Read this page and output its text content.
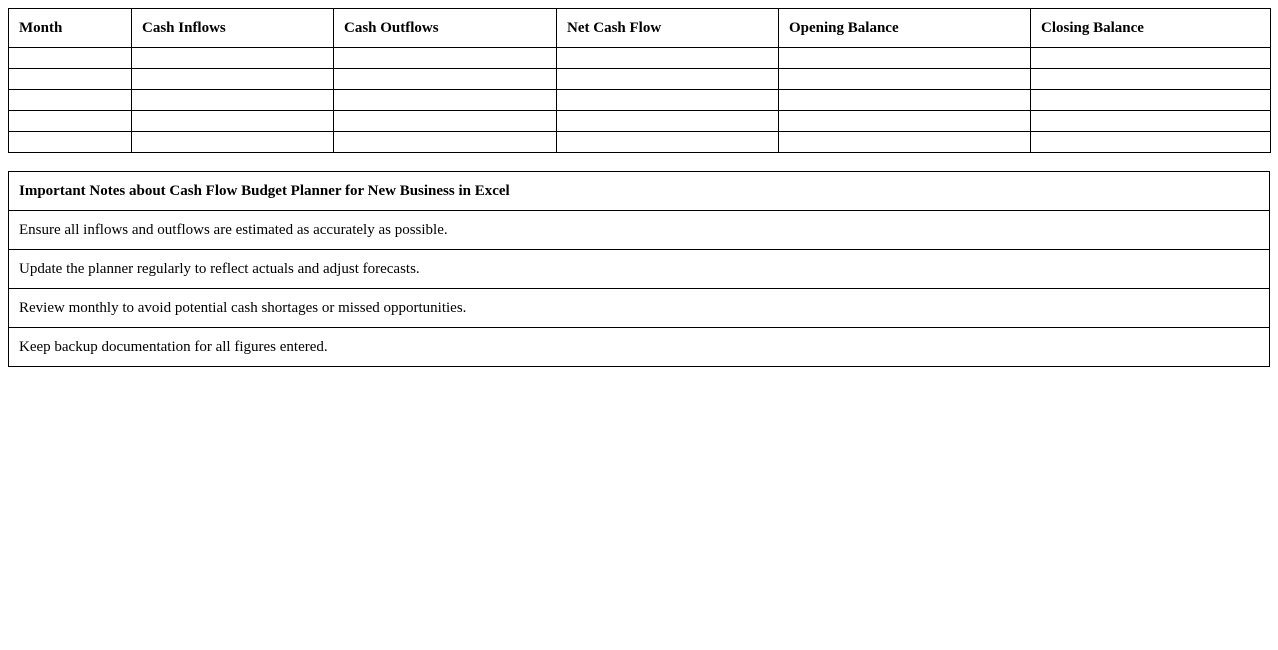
Month	Cash Inflows	Cash Outflows	Net Cash Flow	Opening Balance	Closing Balance

Important Notes about Cash Flow Budget Planner for New Business in Excel
Ensure all inflows and outflows are estimated as accurately as possible.
Update the planner regularly to reflect actuals and adjust forecasts.
Review monthly to avoid potential cash shortages or missed opportunities.
Keep backup documentation for all figures entered.
